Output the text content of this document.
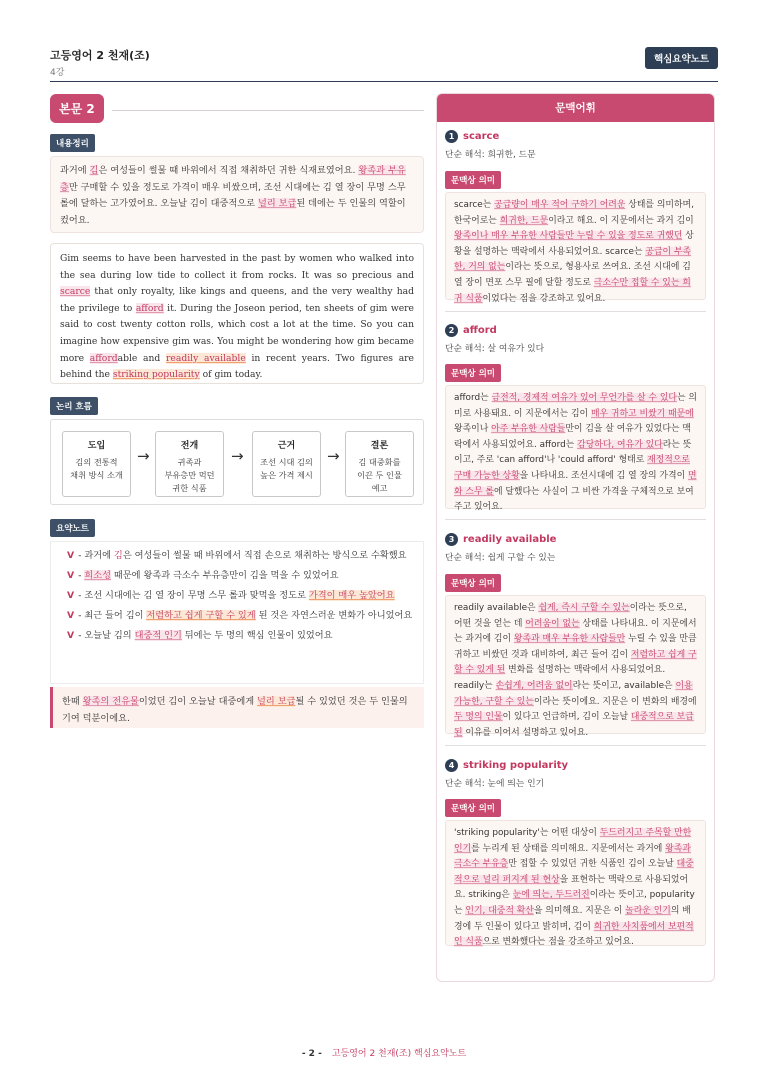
고등영어 2 천재(조)
4강
핵심요약노트
본문 2
내용정리
과거에 김은 여성들이 썰물 때 바위에서 직접 채취하던 귀한 식재료였어요. 왕족과 부유층만 구매할 수 있을 정도로 가격이 매우 비쌌으며, 조선 시대에는 김 열 장이 무명 스무 롤에 달하는 고가였어요. 오늘날 김이 대중적으로 널리 보급된 데에는 두 인물의 역할이 컸어요.
Gim seems to have been harvested in the past by women who walked into the sea during low tide to collect it from rocks. It was so precious and scarce that only royalty, like kings and queens, and the very wealthy had the privilege to afford it. During the Joseon period, ten sheets of gim were said to cost twenty cotton rolls, which cost a lot at the time. So you can imagine how expensive gim was. You might be wondering how gim became more affordable and readily available in recent years. Two figures are behind the striking popularity of gim today.
논리 흐름
도입
김의 전통적
채취 방식 소개
→
전개
귀족과
부유층만 먹던
귀한 식품
→
근거
조선 시대 김의
높은 가격 제시
→
결론
김 대중화를
이끈 두 인물
예고
요약노트
V - 과거에 김은 여성들이 썰물 때 바위에서 직접 손으로 채취하는 방식으로 수확했요
V - 희소성 때문에 왕족과 극소수 부유층만이 김을 먹을 수 있었어요
V - 조선 시대에는 김 열 장이 무명 스무 롤과 맞먹을 정도로 가격이 매우 높았어요
V - 최근 들어 김이 저렴하고 쉽게 구할 수 있게 된 것은 자연스러운 변화가 아니었어요
V - 오늘날 김의 대중적 인기 뒤에는 두 명의 핵심 인물이 있었어요
한때 왕족의 전유물이었던 김이 오늘날 대중에게 널리 보급될 수 있었던 것은 두 인물의 기여 덕분이에요.
문맥어휘
1 scarce
단순 해석: 희귀한, 드문
문맥상 의미
scarce는 공급량이 매우 적어 구하기 어려운 상태를 의미하며, 한국어로는 희귀한, 드문이라고 해요. 이 지문에서는 과거 김이 왕족이나 매우 부유한 사람들만 누릴 수 있을 정도로 귀했던 상황을 설명하는 맥락에서 사용되었어요. scarce는 공급이 부족한, 거의 없는이라는 뜻으로, 형용사로 쓰여요. 조선 시대에 김 열 장이 면포 스무 필에 달할 정도로 극소수만 접할 수 있는 희귀 식품이었다는 점을 강조하고 있어요.
2 afford
단순 해석: 살 여유가 있다
문맥상 의미
afford는 금전적, 경제적 여유가 있어 무언가를 살 수 있다는 의미로 사용돼요. 이 지문에서는 김이 매우 귀하고 비쌌기 때문에 왕족이나 아주 부유한 사람들만이 김을 살 여유가 있었다는 맥락에서 사용되었어요. afford는 감당하다, 여유가 있다라는 뜻이고, 주로 'can afford'나 'could afford' 형태로 재정적으로 구매 가능한 상황을 나타내요. 조선시대에 김 열 장의 가격이 면화 스무 롤에 달했다는 사실이 그 비싼 가격을 구체적으로 보여주고 있어요.
3 readily available
단순 해석: 쉽게 구할 수 있는
문맥상 의미
readily available은 쉽게, 즉시 구할 수 있는이라는 뜻으로, 어떤 것을 얻는 데 어려움이 없는 상태를 나타내요. 이 지문에서는 과거에 김이 왕족과 매우 부유한 사람들만 누릴 수 있을 만큼 귀하고 비쌌던 것과 대비하여, 최근 들어 김이 저렴하고 쉽게 구할 수 있게 된 변화를 설명하는 맥락에서 사용되었어요. readily는 손쉽게, 어려움 없이라는 뜻이고, available은 이용 가능한, 구할 수 있는이라는 뜻이에요. 지문은 이 변화의 배경에 두 명의 인물이 있다고 언급하며, 김이 오늘날 대중적으로 보급된 이유를 이어서 설명하고 있어요.
4 striking popularity
단순 해석: 눈에 띄는 인기
문맥상 의미
'striking popularity'는 어떤 대상이 두드러지고 주목할 만한 인기를 누리게 된 상태를 의미해요. 지문에서는 과거에 왕족과 극소수 부유층만 접할 수 있었던 귀한 식품인 김이 오늘날 대중적으로 널리 퍼지게 된 현상을 표현하는 맥락으로 사용되었어요. striking은 눈에 띄는, 두드러진이라는 뜻이고, popularity는 인기, 대중적 확산을 의미해요. 지문은 이 놀라운 인기의 배경에 두 인물이 있다고 밝히며, 김이 희귀한 사치품에서 보편적인 식품으로 변화했다는 점을 강조하고 있어요.
- 2 - 고등영어 2 천재(조) 핵심요약노트
